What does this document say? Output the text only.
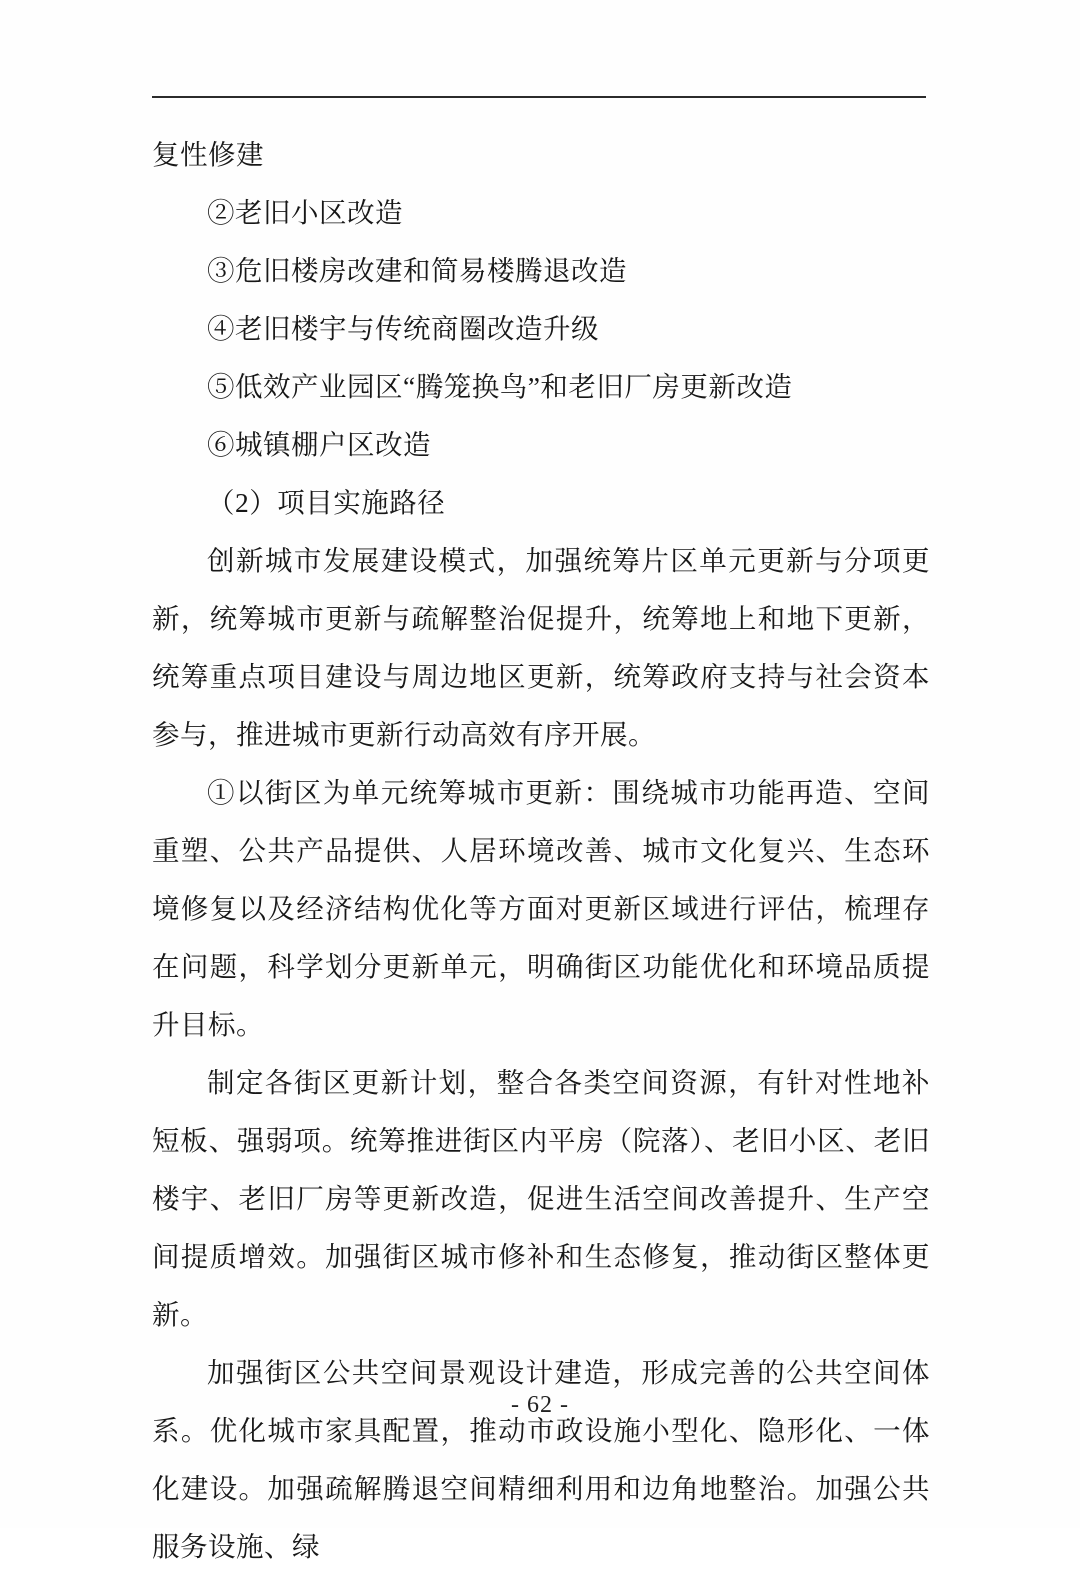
复性修建

②老旧小区改造

③危旧楼房改建和简易楼腾退改造

④老旧楼宇与传统商圈改造升级

⑤低效产业园区“腾笼换鸟”和老旧厂房更新改造

⑥城镇棚户区改造

（2）项目实施路径

创新城市发展建设模式，加强统筹片区单元更新与分项更新，统筹城市更新与疏解整治促提升，统筹地上和地下更新，统筹重点项目建设与周边地区更新，统筹政府支持与社会资本参与，推进城市更新行动高效有序开展。

①以街区为单元统筹城市更新：围绕城市功能再造、空间重塑、公共产品提供、人居环境改善、城市文化复兴、生态环境修复以及经济结构优化等方面对更新区域进行评估，梳理存在问题，科学划分更新单元，明确街区功能优化和环境品质提升目标。

制定各街区更新计划，整合各类空间资源，有针对性地补短板、强弱项。统筹推进街区内平房（院落）、老旧小区、老旧楼宇、老旧厂房等更新改造，促进生活空间改善提升、生产空间提质增效。加强街区城市修补和生态修复，推动街区整体更新。

加强街区公共空间景观设计建造，形成完善的公共空间体系。优化城市家具配置，推动市政设施小型化、隐形化、一体化建设。加强疏解腾退空间精细利用和边角地整治。加强公共服务设施、绿

- 62 -
